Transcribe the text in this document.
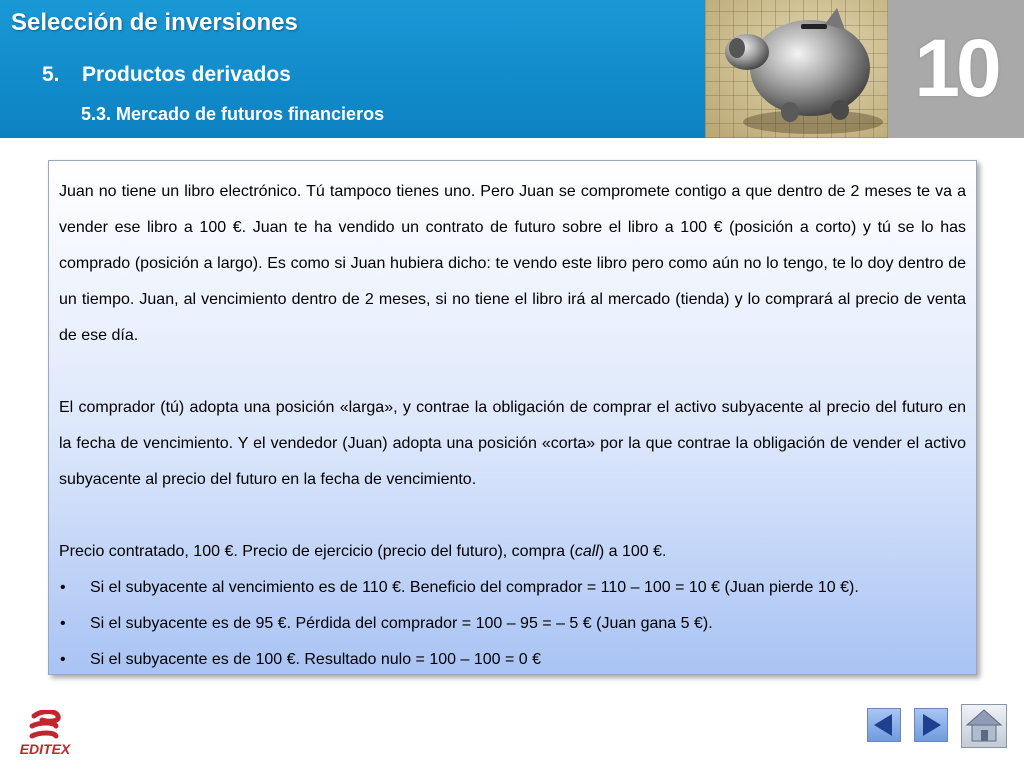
Selección de inversiones
5. Productos derivados
5.3. Mercado de futuros financieros	10

Juan no tiene un libro electrónico. Tú tampoco tienes uno. Pero Juan se compromete contigo a que dentro de 2 meses te va a vender ese libro a 100 €. Juan te ha vendido un contrato de futuro sobre el libro a 100 € (posición a corto) y tú se lo has comprado (posición a largo). Es como si Juan hubiera dicho: te vendo este libro pero como aún no lo tengo, te lo doy dentro de un tiempo. Juan, al vencimiento dentro de 2 meses, si no tiene el libro irá al mercado (tienda) y lo comprará al precio de venta de ese día.

El comprador (tú) adopta una posición «larga», y contrae la obligación de comprar el activo subyacente al precio del futuro en la fecha de vencimiento. Y el vendedor (Juan) adopta una posición «corta» por la que contrae la obligación de vender el activo subyacente al precio del futuro en la fecha de vencimiento.

Precio contratado, 100 €. Precio de ejercicio (precio del futuro), compra (call) a 100 €.

• Si el subyacente al vencimiento es de 110 €. Beneficio del comprador = 110 – 100 = 10 € (Juan pierde 10 €).
• Si el subyacente es de 95 €. Pérdida del comprador = 100 – 95 = – 5 € (Juan gana 5 €).
• Si el subyacente es de 100 €. Resultado nulo = 100 – 100 = 0 €
EDITEX
